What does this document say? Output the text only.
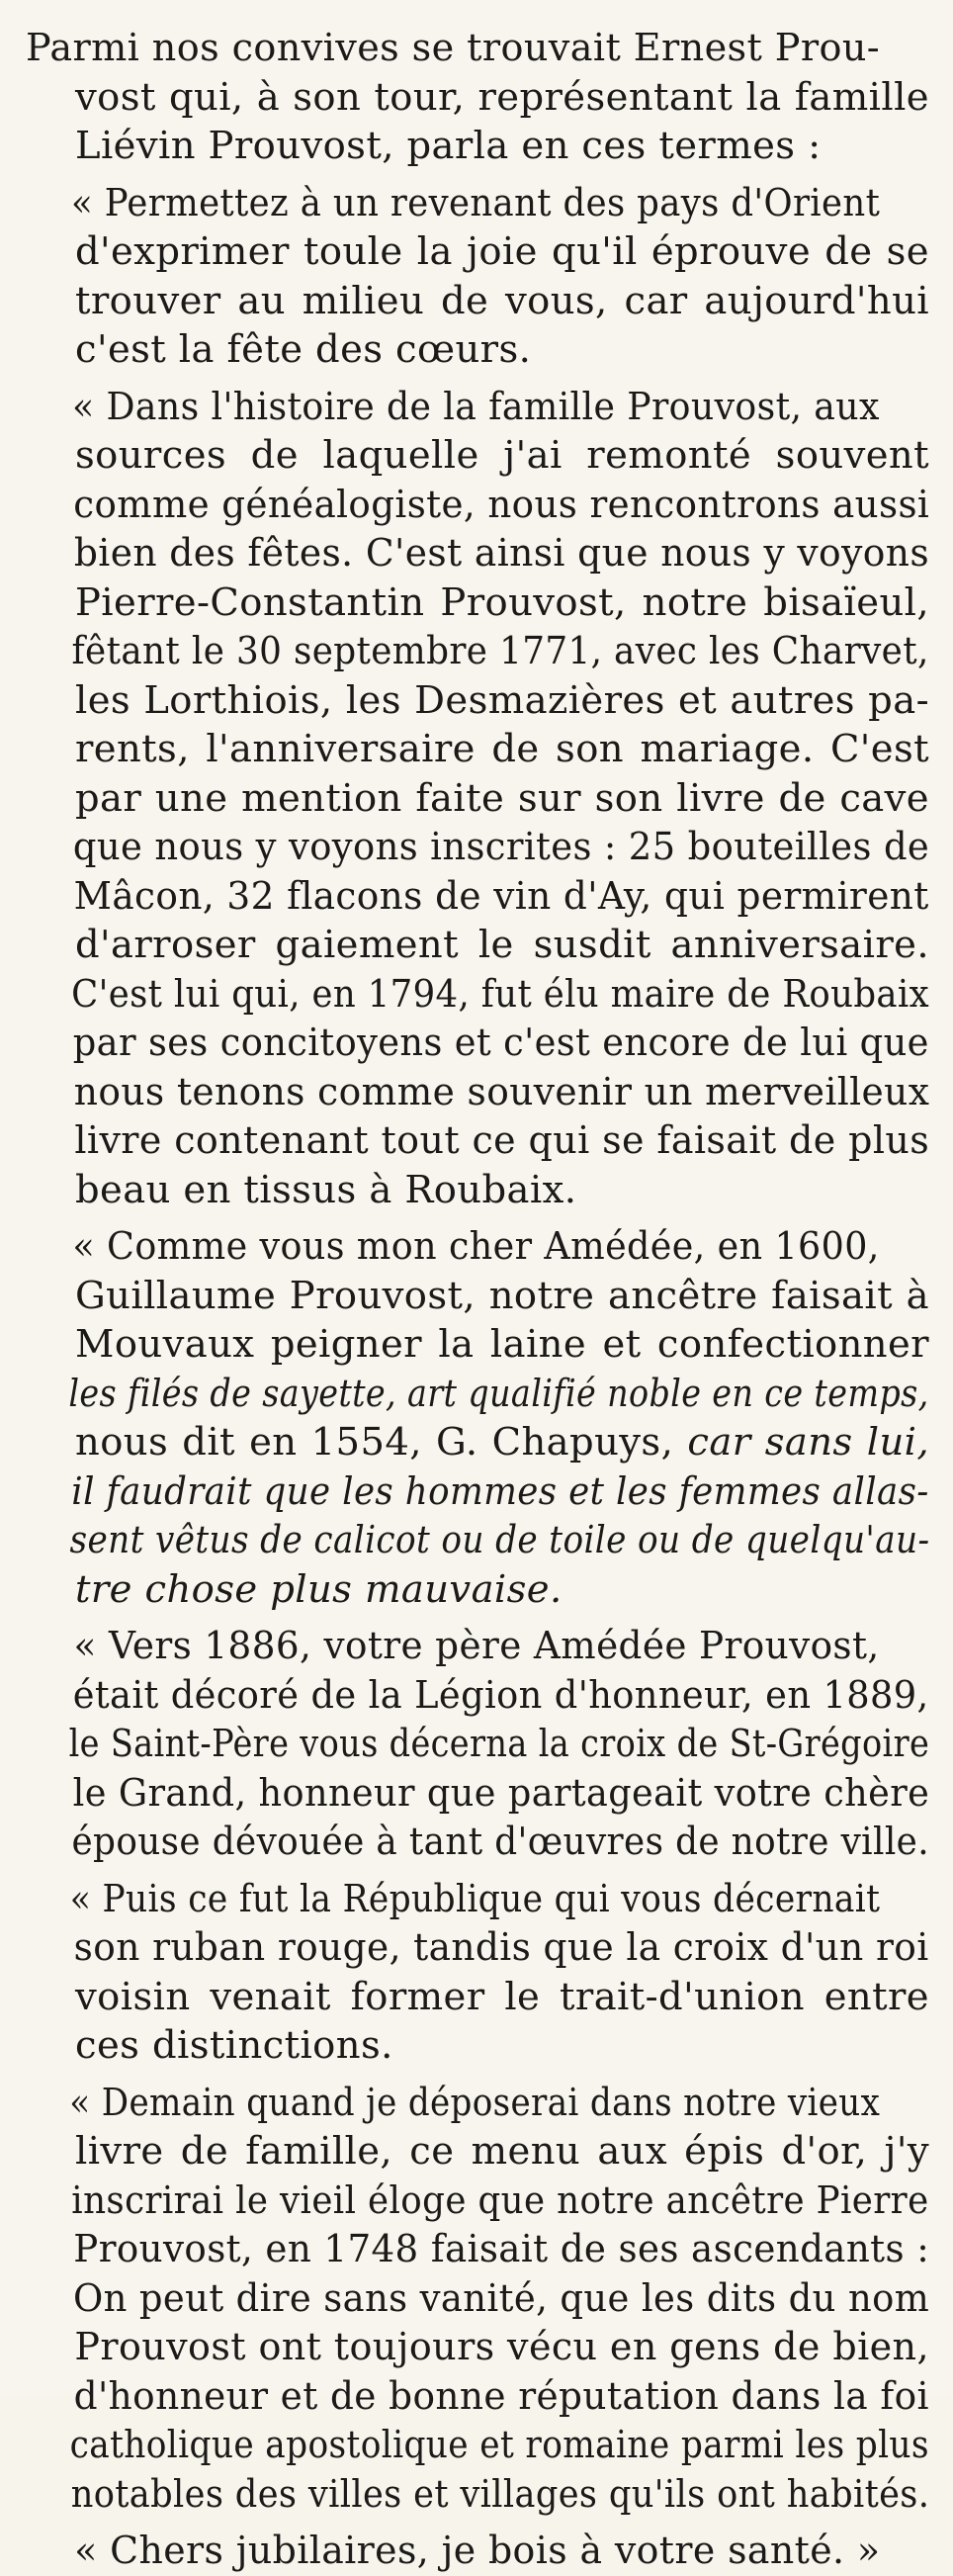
Parmi nos convives se trouvait Ernest Prou-
vost qui, à son tour, représentant la famille
Liévin Prouvost, parla en ces termes :

« Permettez à un revenant des pays d'Orient
d'exprimer toule la joie qu'il éprouve de se
trouver au milieu de vous, car aujourd'hui
c'est la fête des cœurs.

« Dans l'histoire de la famille Prouvost, aux
sources de laquelle j'ai remonté souvent
comme généalogiste, nous rencontrons aussi
bien des fêtes. C'est ainsi que nous y voyons
Pierre-Constantin Prouvost, notre bisaïeul,
fêtant le 30 septembre 1771, avec les Charvet,
les Lorthiois, les Desmazières et autres pa-
rents, l'anniversaire de son mariage. C'est
par une mention faite sur son livre de cave
que nous y voyons inscrites : 25 bouteilles de
Mâcon, 32 flacons de vin d'Ay, qui permirent
d'arroser gaiement le susdit anniversaire.
C'est lui qui, en 1794, fut élu maire de Roubaix
par ses concitoyens et c'est encore de lui que
nous tenons comme souvenir un merveilleux
livre contenant tout ce qui se faisait de plus
beau en tissus à Roubaix.

« Comme vous mon cher Amédée, en 1600,
Guillaume Prouvost, notre ancêtre faisait à
Mouvaux peigner la laine et confectionner
les filés de sayette, art qualifié noble en ce temps,
nous dit en 1554, G. Chapuys, car sans lui,
il faudrait que les hommes et les femmes allas-
sent vêtus de calicot ou de toile ou de quelqu'au-
tre chose plus mauvaise.

« Vers 1886, votre père Amédée Prouvost,
était décoré de la Légion d'honneur, en 1889,
le Saint-Père vous décerna la croix de St-Grégoire
le Grand, honneur que partageait votre chère
épouse dévouée à tant d'œuvres de notre ville.

« Puis ce fut la République qui vous décernait
son ruban rouge, tandis que la croix d'un roi
voisin venait former le trait-d'union entre
ces distinctions.

« Demain quand je déposerai dans notre vieux
livre de famille, ce menu aux épis d'or, j'y
inscrirai le vieil éloge que notre ancêtre Pierre
Prouvost, en 1748 faisait de ses ascendants :
On peut dire sans vanité, que les dits du nom
Prouvost ont toujours vécu en gens de bien,
d'honneur et de bonne réputation dans la foi
catholique apostolique et romaine parmi les plus
notables des villes et villages qu'ils ont habités.

« Chers jubilaires, je bois à votre santé. »
